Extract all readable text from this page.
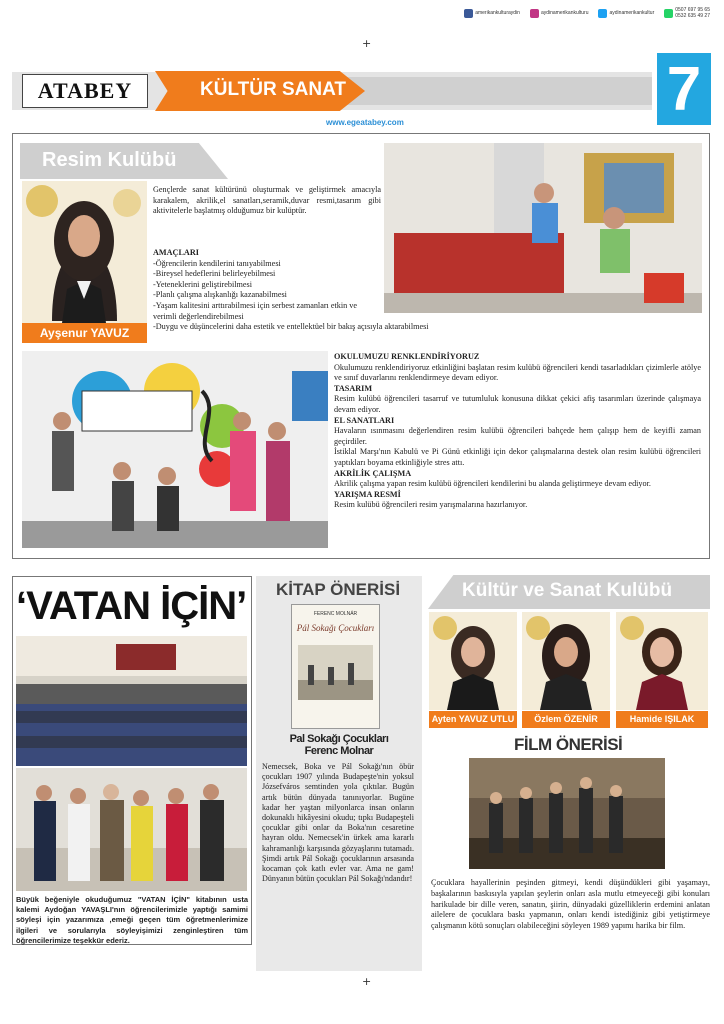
amerikankulturaydin	aydinamerikankulturu	aydinamerikankultur	0507 697 95 65
0532 635 49 27
+
ATABEY	KÜLTÜR SANAT	7
www.egeatabey.com
Resim Kulübü
Ayşenur YAVUZ
Gençlerde sanat kültürünü oluşturmak ve geliştirmek amacıyla karakalem, akrilik,el sanatları,seramik,duvar resmi,tasarım gibi aktivitelerle başlatmış olduğumuz bir kulüptür.

AMAÇLARI

-Öğrencilerin kendilerini tanıyabilmesi

-Bireysel hedeflerini belirleyebilmesi

-Yeteneklerini geliştirebilmesi

-Planlı çalışma alışkanlığı kazanabilmesi

-Yaşam kalitesini arttırabilmesi için serbest zamanları etkin ve verimli değerlendirebilmesi

-Duygu ve düşüncelerini daha estetik ve entellektüel bir bakış açısıyla aktarabilmesi

OKULUMUZU RENKLENDİRİYORUZ

Okulumuzu renklendiriyoruz etkinliğini başlatan resim kulübü öğrencileri kendi tasarladıkları çizimlerle atölye ve sınıf duvarlarını renklendirmeye devam ediyor.

TASARIM

Resim kulübü öğrencileri tasarruf ve tutumluluk konusuna dikkat çekici afiş tasarımları üzerinde çalışmaya devam ediyor.

EL SANATLARI

Havaların ısınmasını değerlendiren resim kulübü öğrencileri bahçede hem çalışıp hem de keyifli zaman geçirdiler.

İstiklal Marşı'nın Kabulü ve Pi Günü etkinliği için dekor çalışmalarına destek olan resim kulübü öğrencileri yaptıkları boyama etkinliğiyle stres attı.

AKRİLİK ÇALIŞMA

Akrilik çalışma yapan resim kulübü öğrencileri kendilerini bu alanda geliştirmeye devam ediyor.

YARIŞMA RESMİ

Resim kulübü öğrencileri resim yarışmalarına hazırlanıyor.

‘VATAN İÇİN’
Büyük beğeniyle okuduğumuz "VATAN İÇİN" kitabının usta kalemi Aydoğan YAVAŞLI'nın öğrencilerimizle yaptığı samimi söyleşi için yazarımıza ,emeği geçen tüm öğretmenlerimize ilgileri ve sorularıyla söyleyişimizi zenginleştiren tüm öğrencilerimize teşekkür ederiz.
KİTAP ÖNERİSİ
FERENC MOLNÁR
Pál Sokağı Çocukları
Pal Sokağı Çocukları
Ferenc Molnar
Nemecsek, Boka ve Pál Sokağı'nın öbür çocukları 1907 yılında Budapeşte'nin yoksul Józsefváros semtinden yola çıktılar. Bugün artık bütün dünyada tanınıyorlar. Bugüne kadar her yaştan milyonlarca insan onların dokunaklı hikâyesini okudu; tıpkı Budapeşteli çocuklar gibi onlar da Boka'nın cesaretine hayran oldu. Nemecsek'in ürkek ama kararlı kahramanlığı karşısında gözyaşlarını tutamadı. Şimdi artık Pál Sokağı çocuklarının arsasında kocaman çok katlı evler var. Ama ne gam! Dünyanın bütün çocukları Pál Sokağı'ndandır!
Kültür ve Sanat Kulübü
Ayten YAVUZ UTLU	Özlem ÖZENİR	Hamide IŞILAK
FİLM ÖNERİSİ
Çocuklara hayallerinin peşinden gitmeyi, kendi düşündükleri gibi yaşamayı, başkalarının baskısıyla yapılan şeylerin onları asla mutlu etmeyeceği gibi konuları harikulade bir dille veren, sanatın, şiirin, dünyadaki güzelliklerin erdemini anlatan ailelere de çocuklara baskı yapmanın, onları kendi istediğiniz gibi yetiştirmeye çalışmanın kötü sonuçları olabileceğini söyleyen 1989 yapımı harika bir film.
+
